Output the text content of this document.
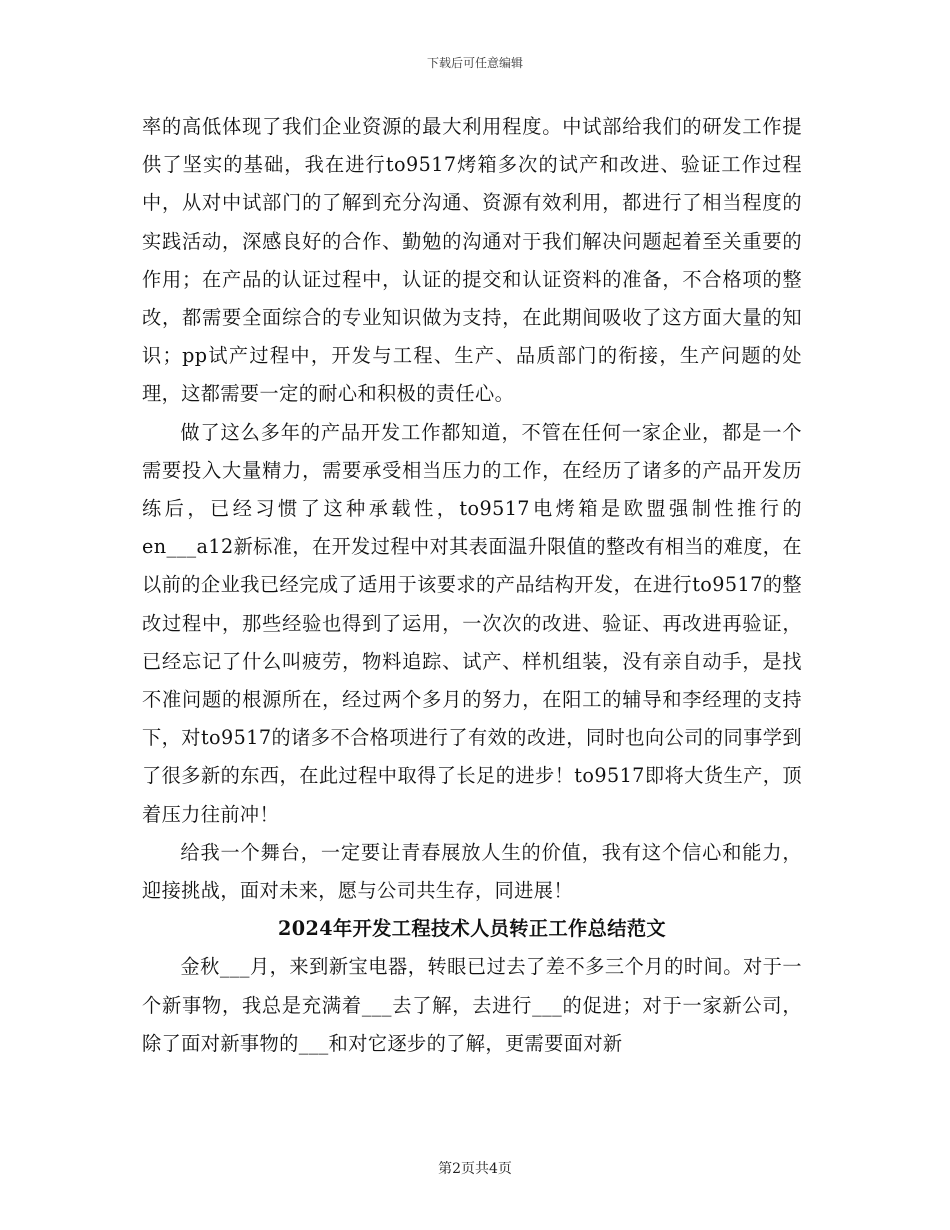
下载后可任意编辑

率的高低体现了我们企业资源的最大利用程度。中试部给我们的研发工作提供了坚实的基础，我在进行to9517烤箱多次的试产和改进、验证工作过程中，从对中试部门的了解到充分沟通、资源有效利用，都进行了相当程度的实践活动，深感良好的合作、勤勉的沟通对于我们解决问题起着至关重要的作用；在产品的认证过程中，认证的提交和认证资料的准备，不合格项的整改，都需要全面综合的专业知识做为支持，在此期间吸收了这方面大量的知识；pp试产过程中，开发与工程、生产、品质部门的衔接，生产问题的处理，这都需要一定的耐心和积极的责任心。

做了这么多年的产品开发工作都知道，不管在任何一家企业，都是一个需要投入大量精力，需要承受相当压力的工作，在经历了诸多的产品开发历练后，已经习惯了这种承载性，to9517电烤箱是欧盟强制性推行的en___a12新标准，在开发过程中对其表面温升限值的整改有相当的难度，在以前的企业我已经完成了适用于该要求的产品结构开发，在进行to9517的整改过程中，那些经验也得到了运用，一次次的改进、验证、再改进再验证，已经忘记了什么叫疲劳，物料追踪、试产、样机组装，没有亲自动手，是找不准问题的根源所在，经过两个多月的努力，在阳工的辅导和李经理的支持下，对to9517的诸多不合格项进行了有效的改进，同时也向公司的同事学到了很多新的东西，在此过程中取得了长足的进步！to9517即将大货生产，顶着压力往前冲！

给我一个舞台，一定要让青春展放人生的价值，我有这个信心和能力，迎接挑战，面对未来，愿与公司共生存，同进展！

2024年开发工程技术人员转正工作总结范文

金秋___月，来到新宝电器，转眼已过去了差不多三个月的时间。对于一个新事物，我总是充满着___去了解，去进行___的促进；对于一家新公司，除了面对新事物的___和对它逐步的了解，更需要面对新

第2页共4页
